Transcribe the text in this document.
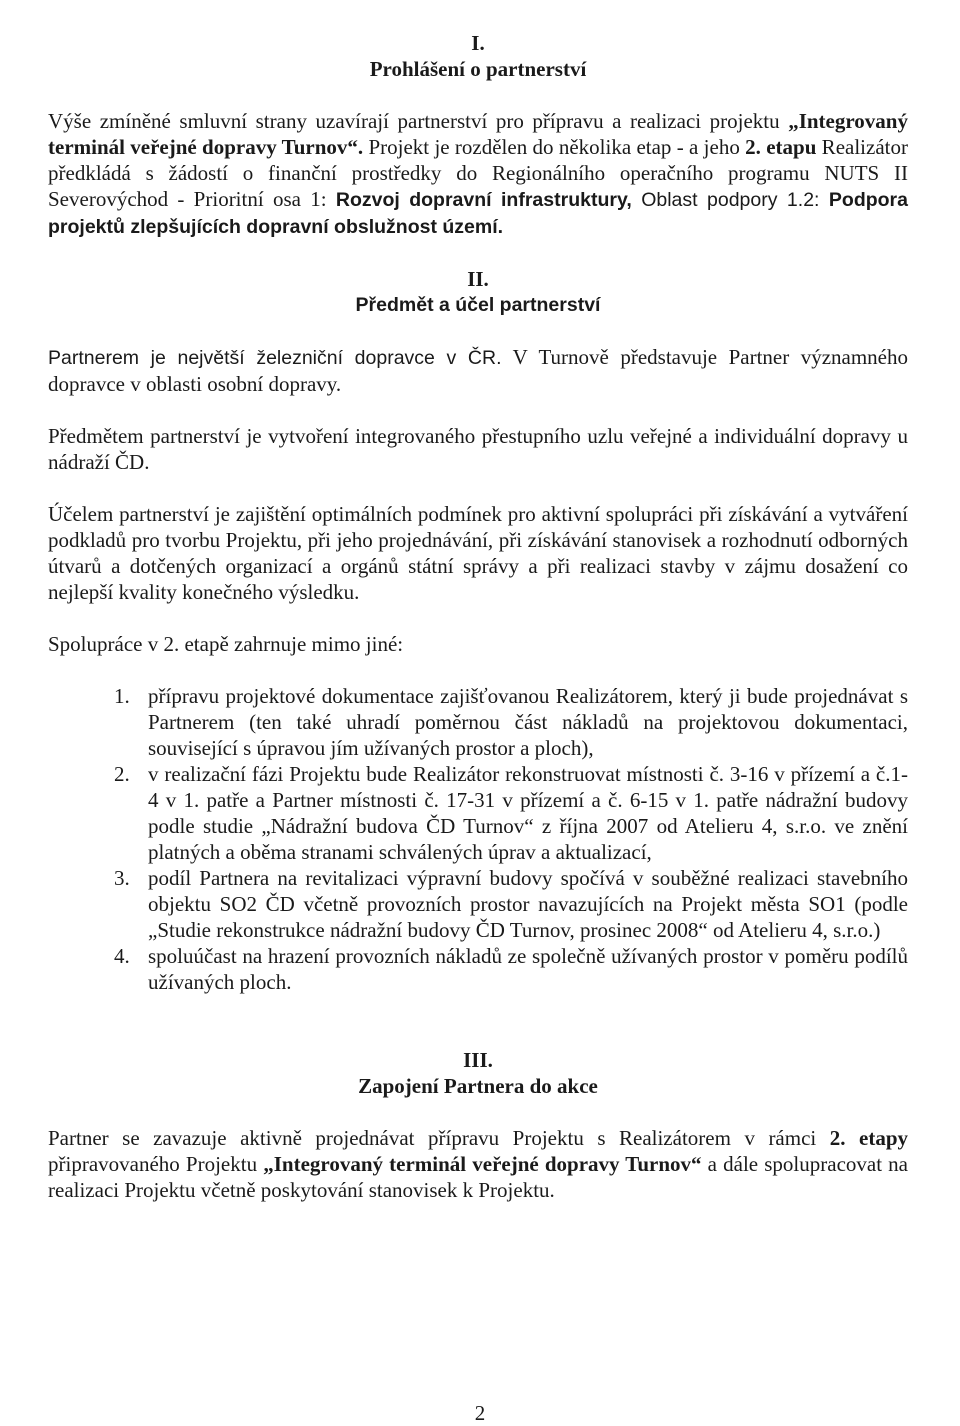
I.

Prohlášení o partnerství

Výše zmíněné smluvní strany uzavírají partnerství pro přípravu a realizaci projektu „Integrovaný terminál veřejné dopravy Turnov“. Projekt je rozdělen do několika etap - a jeho 2. etapu Realizátor předkládá s žádostí o finanční prostředky do Regionálního operačního programu NUTS II Severovýchod - Prioritní osa 1: Rozvoj dopravní infrastruktury, Oblast podpory 1.2: Podpora projektů zlepšujících dopravní obslužnost území.

II.

Předmět a účel partnerství

Partnerem je největší železniční dopravce v ČR. V Turnově představuje Partner významného dopravce v oblasti osobní dopravy.

Předmětem partnerství je vytvoření integrovaného přestupního uzlu veřejné a individuální dopravy u nádraží ČD.

Účelem partnerství je zajištění optimálních podmínek pro aktivní spolupráci při získávání a vytváření podkladů pro tvorbu Projektu, při jeho projednávání, při získávání stanovisek a rozhodnutí odborných útvarů a dotčených organizací a orgánů státní správy a při realizaci stavby v zájmu dosažení co nejlepší kvality konečného výsledku.

Spolupráce v 2. etapě zahrnuje mimo jiné:

1. přípravu projektové dokumentace zajišťovanou Realizátorem, který ji bude projednávat s Partnerem (ten také uhradí poměrnou část nákladů na projektovou dokumentaci, související s úpravou jím užívaných prostor a ploch),
2. v realizační fázi Projektu bude Realizátor rekonstruovat místnosti č. 3-16 v přízemí a č.1-4 v 1. patře a Partner místnosti č. 17-31 v přízemí a č. 6-15 v 1. patře nádražní budovy podle studie „Nádražní budova ČD Turnov“ z října 2007 od Atelieru 4, s.r.o. ve znění platných a oběma stranami schválených úprav a aktualizací,
3. podíl Partnera na revitalizaci výpravní budovy spočívá v souběžné realizaci stavebního objektu SO2 ČD včetně provozních prostor navazujících na Projekt města SO1 (podle „Studie rekonstrukce nádražní budovy ČD Turnov, prosinec 2008“ od Atelieru 4, s.r.o.)
4. spoluúčast na hrazení provozních nákladů ze společně užívaných prostor v poměru podílů užívaných ploch.

III.

Zapojení Partnera do akce

Partner se zavazuje aktivně projednávat přípravu Projektu s Realizátorem v rámci 2. etapy připravovaného Projektu „Integrovaný terminál veřejné dopravy Turnov“ a dále spolupracovat na realizaci Projektu včetně poskytování stanovisek k Projektu.

2
